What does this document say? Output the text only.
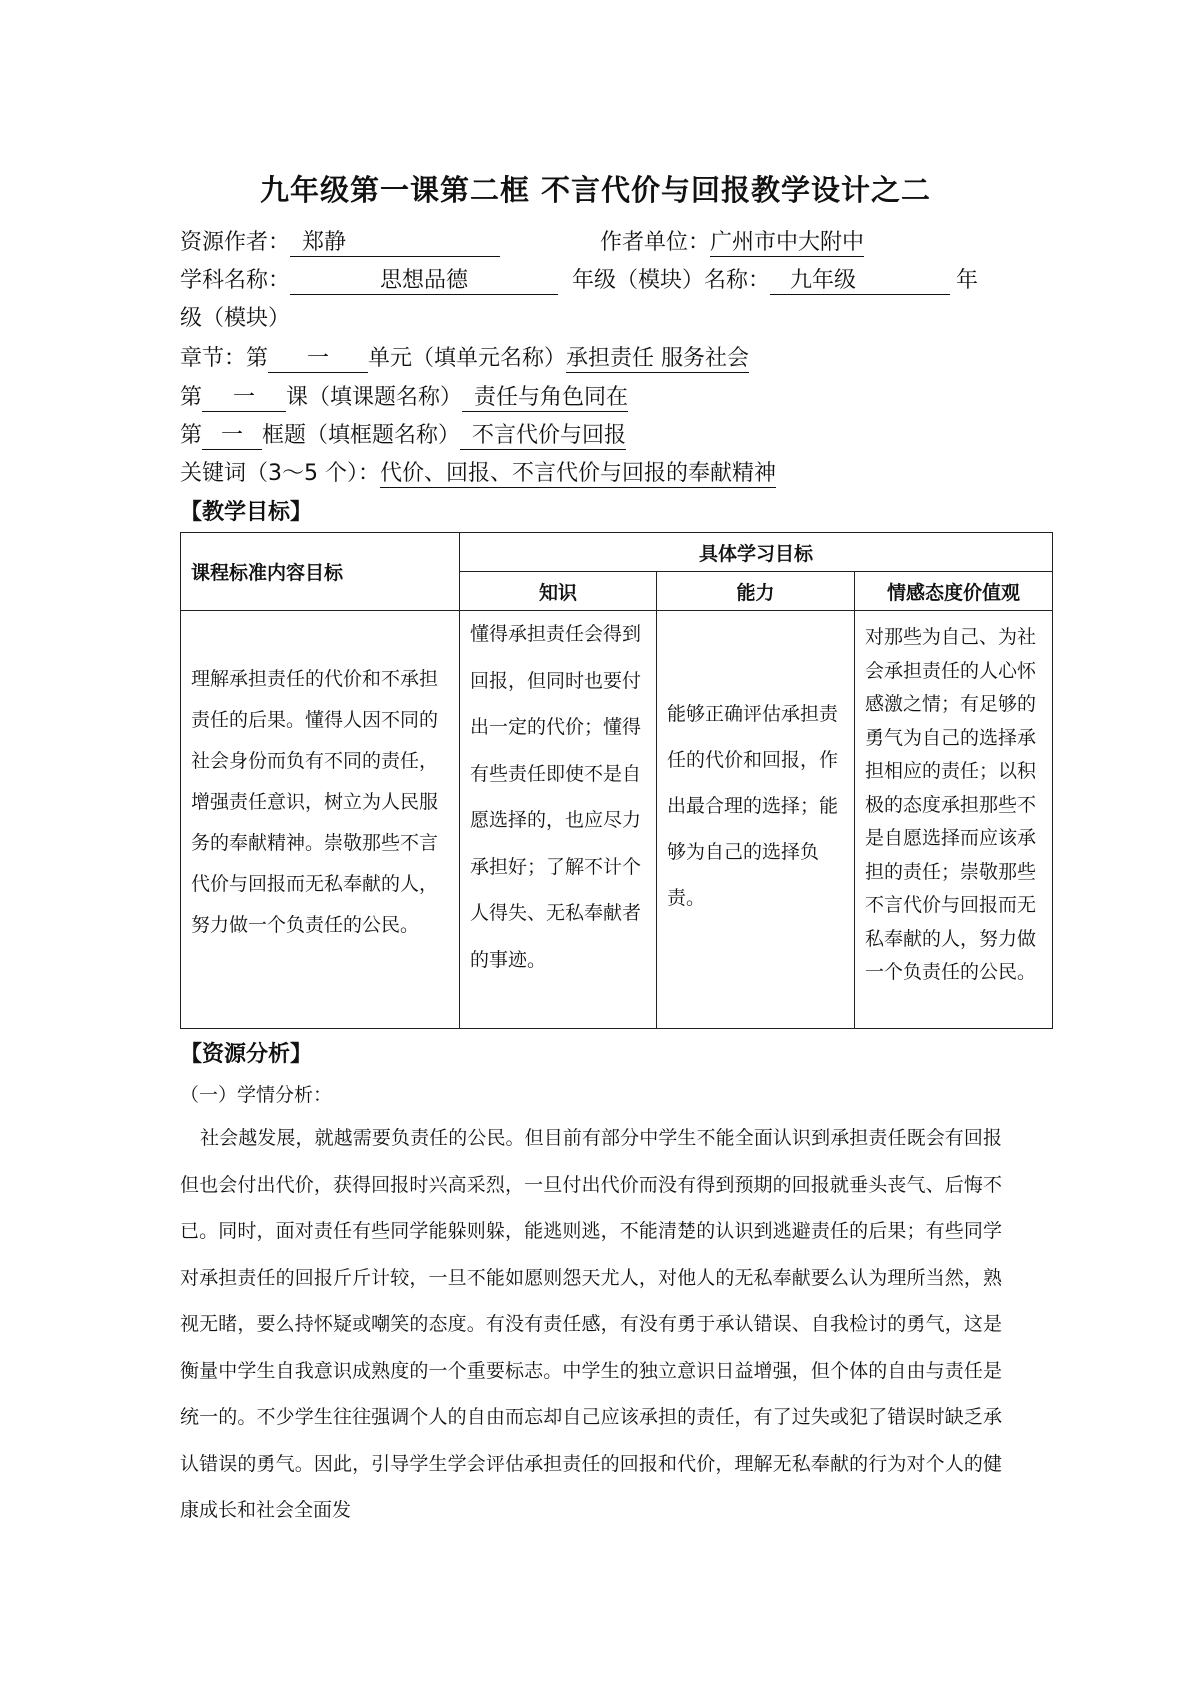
九年级第一课第二框 不言代价与回报教学设计之二
资源作者： 郑静	作者单位：广州市中大附中
学科名称：	思想品德	年级（模块）名称： 九年级	年
级（模块）
章节：第 一 单元（填单元名称）承担责任 服务社会
第 一 课（填课题名称） 责任与角色同在
第 一 框题（填框题名称） 不言代价与回报
关键词（3～5 个）：代价、回报、不言代价与回报的奉献精神
【教学目标】
课程标准内容目标	具体学习目标		
	知识	能力	情感态度价值观
理解承担责任的代价和不承担责任的后果。懂得人因不同的社会身份而负有不同的责任，增强责任意识，树立为人民服务的奉献精神。崇敬那些不言代价与回报而无私奉献的人，努力做一个负责任的公民。	懂得承担责任会得到回报，但同时也要付出一定的代价；懂得有些责任即使不是自愿选择的，也应尽力承担好；了解不计个人得失、无私奉献者的事迹。	能够正确评估承担责任的代价和回报，作出最合理的选择；能够为自己的选择负责。	对那些为自己、为社会承担责任的人心怀感激之情；有足够的勇气为自己的选择承担相应的责任；以积极的态度承担那些不是自愿选择而应该承担的责任；崇敬那些不言代价与回报而无私奉献的人，努力做一个负责任的公民。
【资源分析】
（一）学情分析：
社会越发展，就越需要负责任的公民。但目前有部分中学生不能全面认识到承担责任既会有回报但也会付出代价，获得回报时兴高采烈，一旦付出代价而没有得到预期的回报就垂头丧气、后悔不已。同时，面对责任有些同学能躲则躲，能逃则逃，不能清楚的认识到逃避责任的后果；有些同学对承担责任的回报斤斤计较，一旦不能如愿则怨天尤人，对他人的无私奉献要么认为理所当然，熟视无睹，要么持怀疑或嘲笑的态度。有没有责任感，有没有勇于承认错误、自我检讨的勇气，这是衡量中学生自我意识成熟度的一个重要标志。中学生的独立意识日益增强，但个体的自由与责任是统一的。不少学生往往强调个人的自由而忘却自己应该承担的责任，有了过失或犯了错误时缺乏承认错误的勇气。因此，引导学生学会评估承担责任的回报和代价，理解无私奉献的行为对个人的健康成长和社会全面发
